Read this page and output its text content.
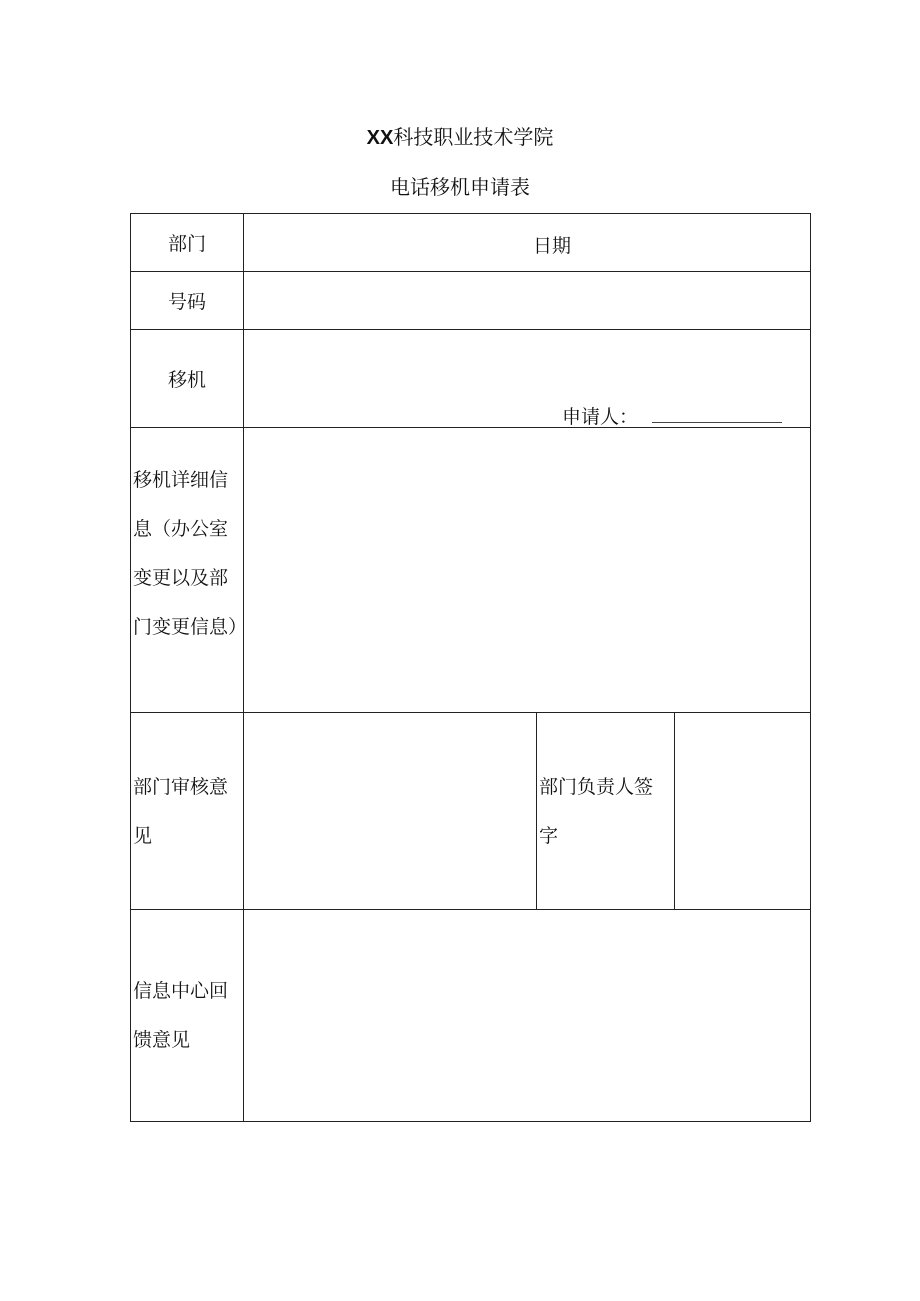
XX科技职业技术学院
电话移机申请表
部门	日期
号码
移机
申请人：
移机详细信息（办公室变更以及部门变更信息）
部门审核意见
部门负责人签字
信息中心回馈意见
